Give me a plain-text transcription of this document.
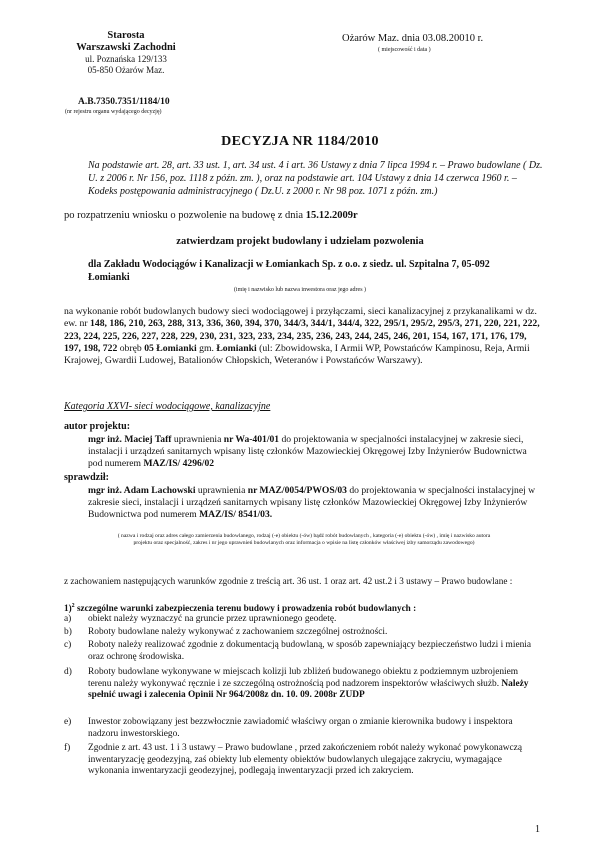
Starosta
Warszawski Zachodni
ul. Poznańska 129/133
05-850 Ożarów Maz.
Ożarów Maz. dnia 03.08.20010 r.
( miejscowość i data )
A.B.7350.7351/1184/10
(nr rejestru organu wydającego decyzję)
DECYZJA NR 1184/2010
Na podstawie art. 28, art. 33 ust. 1, art. 34 ust. 4 i art. 36 Ustawy z dnia 7 lipca 1994 r. – Prawo budowlane ( Dz. U. z 2006 r. Nr 156, poz. 1118 z późn. zm. ), oraz na podstawie art. 104 Ustawy z dnia 14 czerwca 1960 r. – Kodeks postępowania administracyjnego ( Dz.U. z 2000 r. Nr 98 poz. 1071 z późn. zm.)
po rozpatrzeniu wniosku o pozwolenie na budowę z dnia 15.12.2009r
zatwierdzam projekt budowlany i udzielam pozwolenia
dla Zakładu Wodociągów i Kanalizacji w Łomiankach Sp. z o.o. z siedz. ul. Szpitalna 7, 05-092 Łomianki
(imię i nazwisko lub nazwa inwestora oraz jego adres )
na wykonanie robót budowlanych budowy sieci wodociągowej i przyłączami, sieci kanalizacyjnej z przykanalikami w dz. ew. nr 148, 186, 210, 263, 288, 313, 336, 360, 394, 370, 344/3, 344/1, 344/4, 322, 295/1, 295/2, 295/3, 271, 220, 221, 222, 223, 224, 225, 226, 227, 228, 229, 230, 231, 323, 233, 234, 235, 236, 243, 244, 245, 246, 201, 154, 167, 171, 176, 179, 197, 198, 722 obręb 05 Łomianki gm. Łomianki (ul: Zbowidowska, I Armii WP, Powstańców Kampinosu, Reja, Armii Krajowej, Gwardii Ludowej, Batalionów Chłopskich, Weteranów i Powstańców Warszawy).
Kategoria XXVI- sieci wodociągowe, kanalizacyjne
autor projektu:
mgr inż. Maciej Taff uprawnienia nr Wa-401/01 do projektowania w specjalności instalacyjnej w zakresie sieci, instalacji i urządzeń sanitarnych wpisany listę członków Mazowieckiej Okręgowej Izby Inżynierów Budownictwa pod numerem MAZ/IS/ 4296/02
sprawdził:
mgr inż. Adam Lachowski uprawnienia nr MAZ/0054/PWOS/03 do projektowania w specjalności instalacyjnej w zakresie sieci, instalacji i urządzeń sanitarnych wpisany listę członków Mazowieckiej Okręgowej Izby Inżynierów Budownictwa pod numerem MAZ/IS/ 8541/03.
( nazwa i rodzaj oraz adres całego zamierzenia budowlanego, rodzaj (-e) obiektu (-ów) bądź robót budowlanych , kategoria (-e) obiektu (-ów) , imię i nazwisko autora projektu oraz specjalność, zakres i nr jego uprawnień budowlanych oraz informacja o wpisie na listę członków właściwej izby samorządu zawodowego)
z zachowaniem następujących warunków zgodnie z treścią art. 36 ust. 1 oraz art. 42 ust.2 i 3 ustawy – Prawo budowlane :
1)$^2$ szczególne warunki zabezpieczenia terenu budowy i prowadzenia robót budowlanych :
a) obiekt należy wyznaczyć na gruncie przez uprawnionego geodetę.
b) Roboty budowlane należy wykonywać z zachowaniem szczególnej ostrożności.
c) Roboty należy realizować zgodnie z dokumentacją budowlaną, w sposób zapewniający bezpieczeństwo ludzi i mienia oraz ochronę środowiska.
d) Roboty budowlane wykonywane w miejscach kolizji lub zbliżeń budowanego obiektu z podziemnym uzbrojeniem terenu należy wykonywać ręcznie i ze szczególną ostrożnością pod nadzorem inspektorów właściwych służb. Należy spełnić uwagi i zalecenia Opinii Nr 964/2008z dn. 10. 09. 2008r ZUDP
e) Inwestor zobowiązany jest bezzwłocznie zawiadomić właściwy organ o zmianie kierownika budowy i inspektora nadzoru inwestorskiego.
f) Zgodnie z art. 43 ust. 1 i 3 ustawy – Prawo budowlane , przed zakończeniem robót należy wykonać powykonawczą inwentaryzację geodezyjną, zaś obiekty lub elementy obiektów budowlanych ulegające zakryciu, wymagające wykonania inwentaryzacji geodezyjnej, podlegają inwentaryzacji przed ich zakryciem.
1
